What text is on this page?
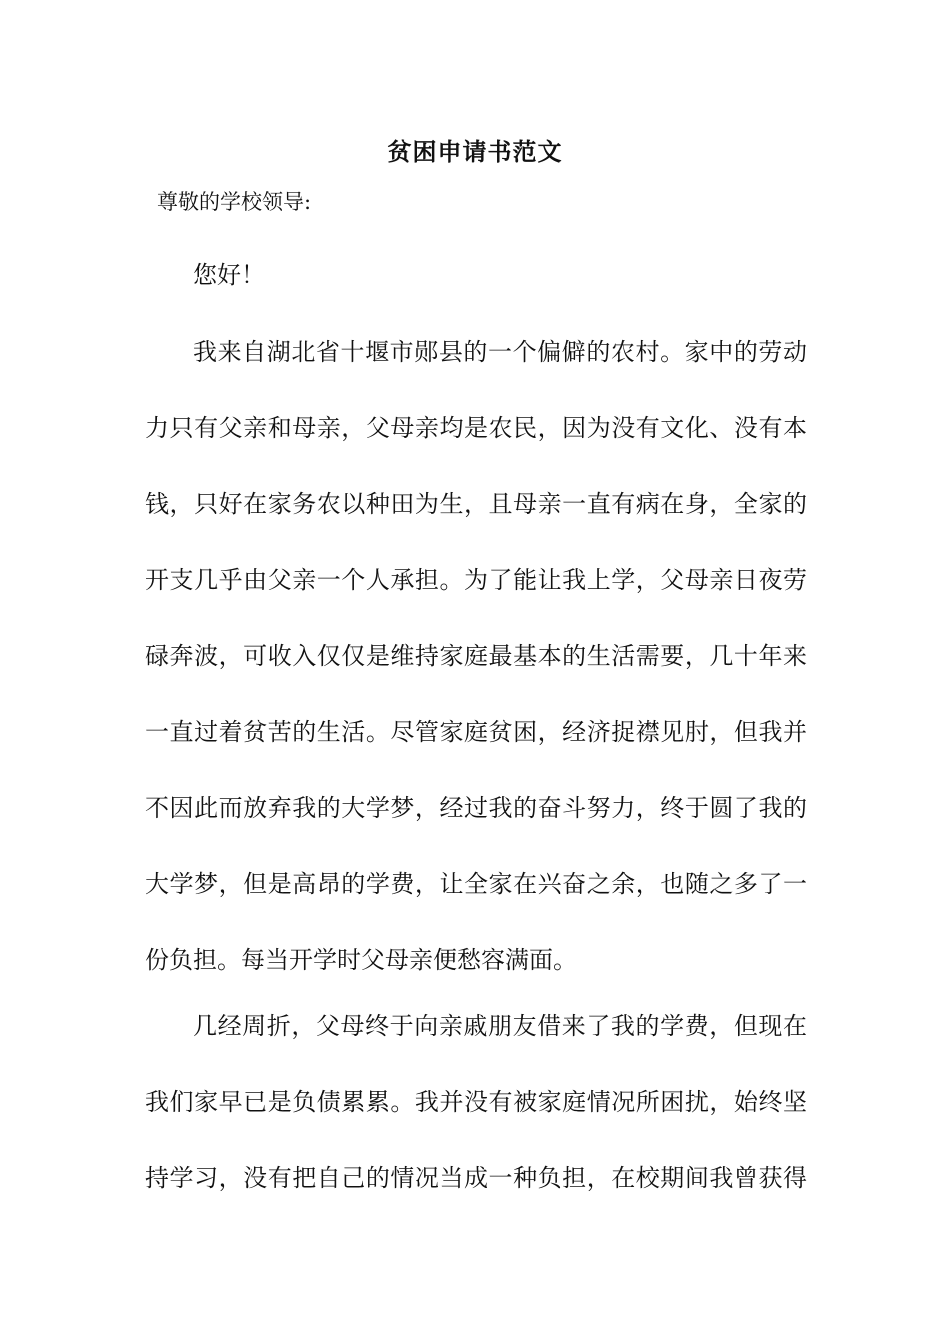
贫困申请书范文
尊敬的学校领导:
您好！
我来自湖北省十堰市郧县的一个偏僻的农村。家中的劳动
力只有父亲和母亲，父母亲均是农民，因为没有文化、没有本
钱，只好在家务农以种田为生，且母亲一直有病在身，全家的
开支几乎由父亲一个人承担。为了能让我上学，父母亲日夜劳
碌奔波，可收入仅仅是维持家庭最基本的生活需要，几十年来
一直过着贫苦的生活。尽管家庭贫困，经济捉襟见肘，但我并
不因此而放弃我的大学梦，经过我的奋斗努力，终于圆了我的
大学梦，但是高昂的学费，让全家在兴奋之余，也随之多了一
份负担。每当开学时父母亲便愁容满面。
几经周折，父母终于向亲戚朋友借来了我的学费，但现在
我们家早已是负债累累。我并没有被家庭情况所困扰，始终坚
持学习，没有把自己的情况当成一种负担，在校期间我曾获得
